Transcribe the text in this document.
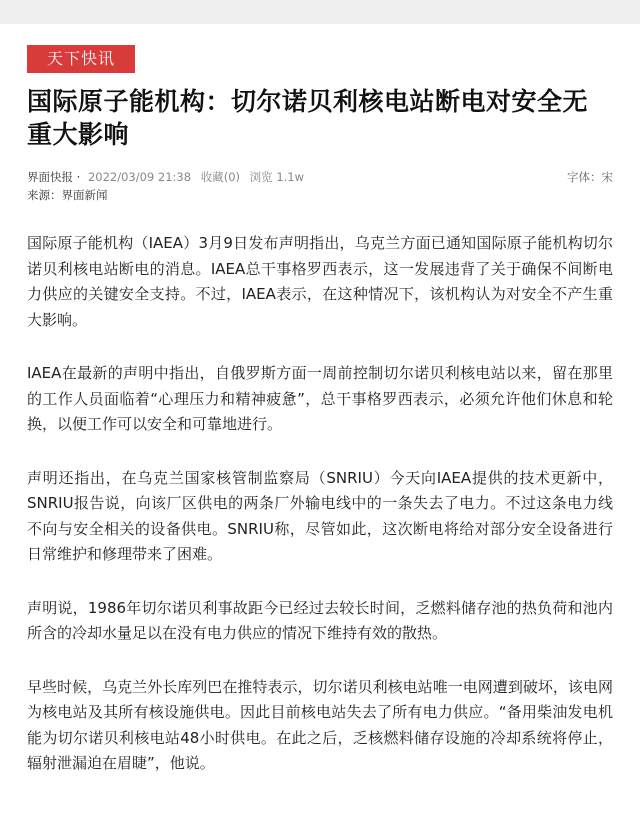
天下快讯
国际原子能机构：切尔诺贝利核电站断电对安全无重大影响
界面快报 · 2022/03/09 21:38 收藏(0) 浏览 1.1w	字体：宋
来源：界面新闻

国际原子能机构（IAEA）3月9日发布声明指出，乌克兰方面已通知国际原子能机构切尔诺贝利核电站断电的消息。IAEA总干事格罗西表示，这一发展违背了关于确保不间断电力供应的关键安全支持。不过，IAEA表示，在这种情况下，该机构认为对安全不产生重大影响。

IAEA在最新的声明中指出，自俄罗斯方面一周前控制切尔诺贝利核电站以来，留在那里的工作人员面临着“心理压力和精神疲惫”，总干事格罗西表示，必须允许他们休息和轮换，以便工作可以安全和可靠地进行。

声明还指出，在乌克兰国家核管制监察局（SNRIU）今天向IAEA提供的技术更新中，SNRIU报告说，向该厂区供电的两条厂外输电线中的一条失去了电力。不过这条电力线不向与安全相关的设备供电。SNRIU称，尽管如此，这次断电将给对部分安全设备进行日常维护和修理带来了困难。

声明说，1986年切尔诺贝利事故距今已经过去较长时间，乏燃料储存池的热负荷和池内所含的冷却水量足以在没有电力供应的情况下维持有效的散热。

早些时候，乌克兰外长库列巴在推特表示，切尔诺贝利核电站唯一电网遭到破坏，该电网为核电站及其所有核设施供电。因此目前核电站失去了所有电力供应。“备用柴油发电机能为切尔诺贝利核电站48小时供电。在此之后，乏核燃料储存设施的冷却系统将停止，辐射泄漏迫在眉睫”，他说。
